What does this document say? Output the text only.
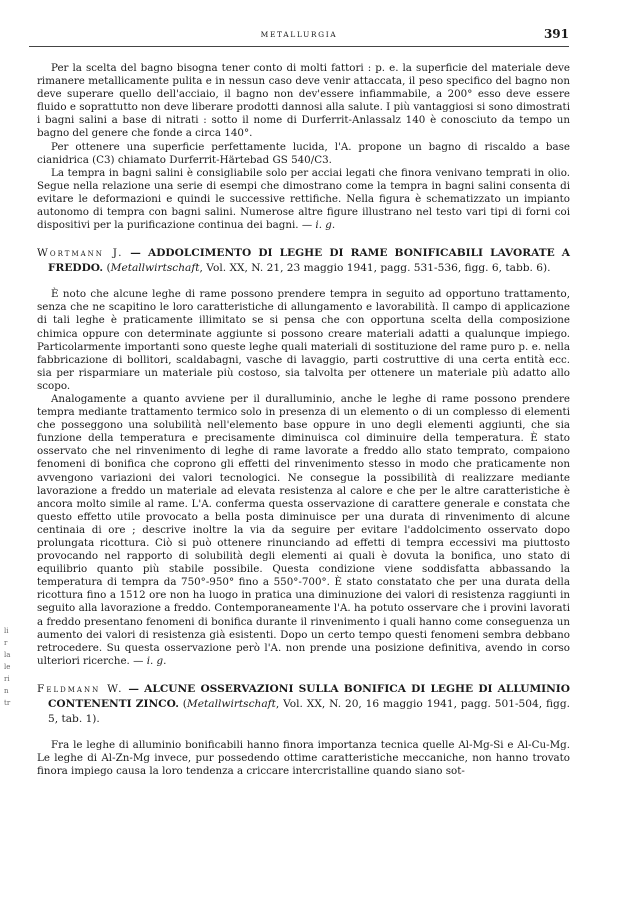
METALLURGIA	391

Per la scelta del bagno bisogna tener conto di molti fattori : p. e. la superficie del materiale deve rimanere metallicamente pulita e in nessun caso deve venir attaccata, il peso specifico del bagno non deve superare quello dell'acciaio, il bagno non dev'essere infiammabile, a 200° esso deve essere fluido e soprattutto non deve liberare prodotti dannosi alla salute. I più vantaggiosi si sono dimostrati i bagni salini a base di nitrati : sotto il nome di Durferrit-Anlassalz 140 è conosciuto da tempo un bagno del genere che fonde a circa 140°.

Per ottenere una superficie perfettamente lucida, l'A. propone un bagno di riscaldo a base cianidrica (C3) chiamato Durferrit-Härtebad GS 540/C3.

La tempra in bagni salini è consigliabile solo per acciai legati che finora venivano temprati in olio. Segue nella relazione una serie di esempi che dimostrano come la tempra in bagni salini consenta di evitare le deformazioni e quindi le successive rettifiche. Nella figura è schematizzato un impianto autonomo di tempra con bagni salini. Numerose altre figure illustrano nel testo vari tipi di forni coi dispositivi per la purificazione continua dei bagni. — i. g.

Wortmann J. — ADDOLCIMENTO DI LEGHE DI RAME BONIFICABILI LAVORATE A FREDDO. (Metallwirtschaft, Vol. XX, N. 21, 23 maggio 1941, pagg. 531-536, figg. 6, tabb. 6).

È noto che alcune leghe di rame possono prendere tempra in seguito ad opportuno trattamento, senza che ne scapitino le loro caratteristiche di allungamento e lavorabilità. Il campo di applicazione di tali leghe è praticamente illimitato se si pensa che con opportuna scelta della composizione chimica oppure con determinate aggiunte si possono creare materiali adatti a qualunque impiego. Particolarmente importanti sono queste leghe quali materiali di sostituzione del rame puro p. e. nella fabbricazione di bollitori, scaldabagni, vasche di lavaggio, parti costruttive di una certa entità ecc. sia per risparmiare un materiale più costoso, sia talvolta per ottenere un materiale più adatto allo scopo.

Analogamente a quanto avviene per il duralluminio, anche le leghe di rame possono prendere tempra mediante trattamento termico solo in presenza di un elemento o di un complesso di elementi che posseggono una solubilità nell'elemento base oppure in uno degli elementi aggiunti, che sia funzione della temperatura e precisamente diminuisca col diminuire della temperatura. È stato osservato che nel rinvenimento di leghe di rame lavorate a freddo allo stato temprato, compaiono fenomeni di bonifica che coprono gli effetti del rinvenimento stesso in modo che praticamente non avvengono variazioni dei valori tecnologici. Ne consegue la possibilità di realizzare mediante lavorazione a freddo un materiale ad elevata resistenza al calore e che per le altre caratteristiche è ancora molto simile al rame. L'A. conferma questa osservazione di carattere generale e constata che questo effetto utile provocato a bella posta diminuisce per una durata di rinvenimento di alcune centinaia di ore ; descrive inoltre la via da seguire per evitare l'addolcimento osservato dopo prolungata ricottura. Ciò si può ottenere rinunciando ad effetti di tempra eccessivi ma piuttosto provocando nel rapporto di solubilità degli elementi ai quali è dovuta la bonifica, uno stato di equilibrio quanto più stabile possibile. Questa condizione viene soddisfatta abbassando la temperatura di tempra da 750°-950° fino a 550°-700°. È stato constatato che per una durata della ricottura fino a 1512 ore non ha luogo in pratica una diminuzione dei valori di resistenza raggiunti in seguito alla lavorazione a freddo. Contemporaneamente l'A. ha potuto osservare che i provini lavorati a freddo presentano fenomeni di bonifica durante il rinvenimento i quali hanno come conseguenza un aumento dei valori di resistenza già esistenti. Dopo un certo tempo questi fenomeni sembra debbano retrocedere. Su questa osservazione però l'A. non prende una posizione definitiva, avendo in corso ulteriori ricerche. — i. g.

Feldmann W. — ALCUNE OSSERVAZIONI SULLA BONIFICA DI LEGHE DI ALLUMINIO CONTENENTI ZINCO. (Metallwirtschaft, Vol. XX, N. 20, 16 maggio 1941, pagg. 501-504, figg. 5, tab. 1).

Fra le leghe di alluminio bonificabili hanno finora importanza tecnica quelle Al-Mg-Si e Al-Cu-Mg. Le leghe di Al-Zn-Mg invece, pur possedendo ottime caratteristiche meccaniche, non hanno trovato finora impiego causa la loro tendenza a criccare intercristalline quando siano sot-

li
r
la
le
ri
n
tr
